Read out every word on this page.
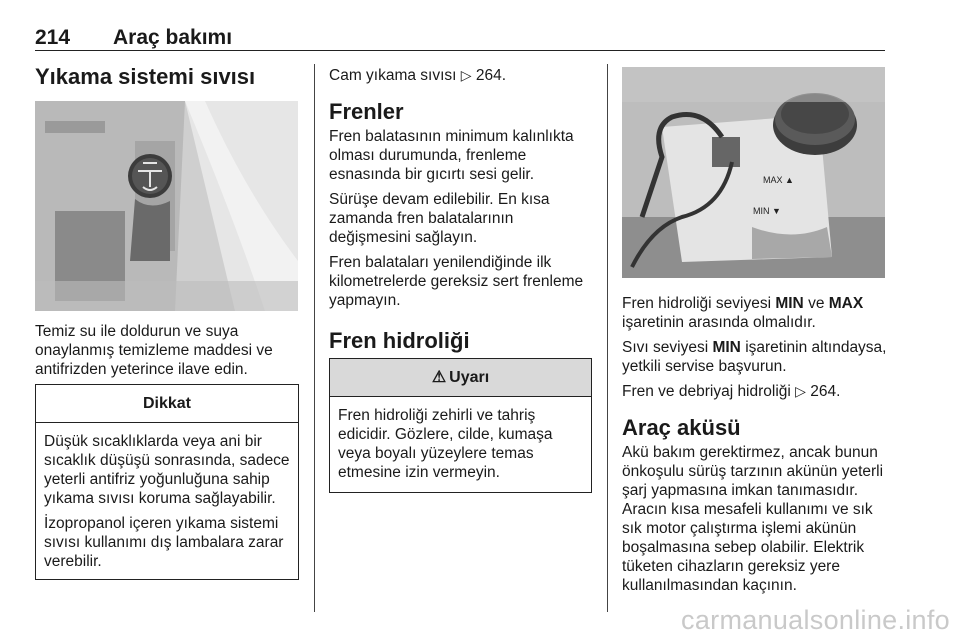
214 Araç bakımı
Yıkama sistemi sıvısı

Temiz su ile doldurun ve suya onaylanmış temizleme maddesi ve antifrizden yeterince ilave edin.

Dikkat

Düşük sıcaklıklarda veya ani bir sıcaklık düşüşü sonrasında, sadece yeterli antifriz yoğunluğuna sahip yıkama sıvısı koruma sağlayabilir.

İzopropanol içeren yıkama sistemi sıvısı kullanımı dış lambalara zarar verebilir.

Cam yıkama sıvısı ▷ 264.

Frenler

Fren balatasının minimum kalınlıkta olması durumunda, frenleme esnasında bir gıcırtı sesi gelir.

Sürüşe devam edilebilir. En kısa zamanda fren balatalarının değişmesini sağlayın.

Fren balataları yenilendiğinde ilk kilometrelerde gereksiz sert frenleme yapmayın.

Fren hidroliği
⚠ Uyarı

Fren hidroliği zehirli ve tahriş edicidir. Gözlere, cilde, kumaşa veya boyalı yüzeylere temas etmesine izin vermeyin.

MAX ▲
MIN ▼

Fren hidroliği seviyesi MIN ve MAX işaretinin arasında olmalıdır.

Sıvı seviyesi MIN işaretinin altındaysa, yetkili servise başvurun.

Fren ve debriyaj hidroliği ▷ 264.

Araç aküsü

Akü bakım gerektirmez, ancak bunun önkoşulu sürüş tarzının akünün yeterli şarj yapmasına imkan tanımasıdır. Aracın kısa mesafeli kullanımı ve sık sık motor çalıştırma işlemi akünün boşalmasına sebep olabilir. Elektrik tüketen cihazların gereksiz yere kullanılmasından kaçının.

carmanualsonline.info
